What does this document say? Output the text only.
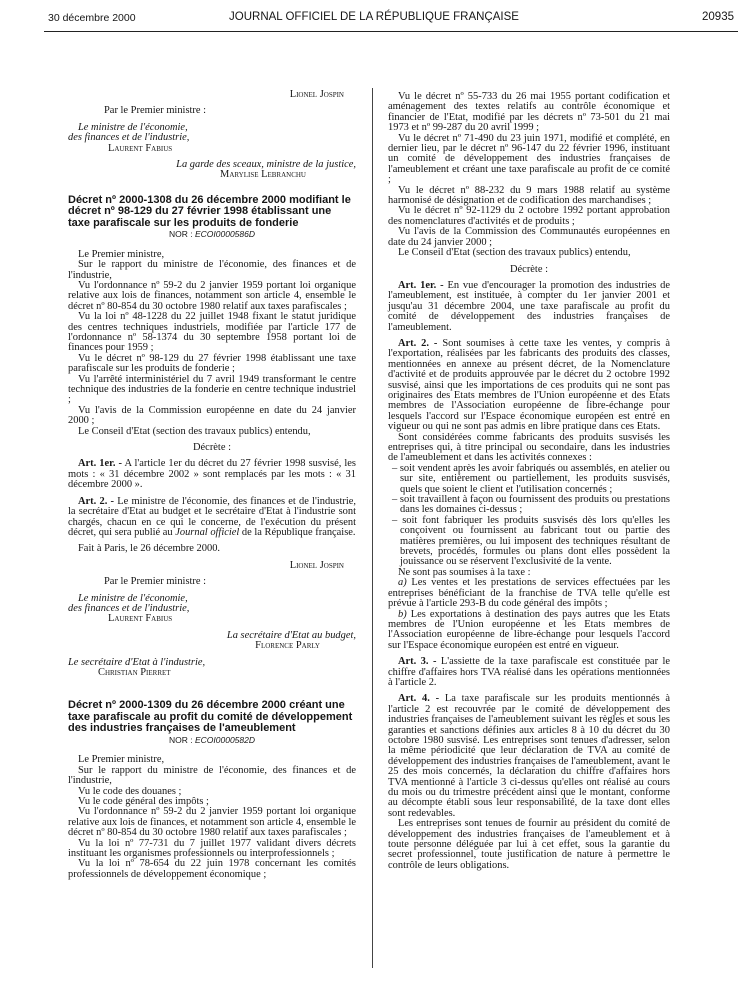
30 décembre 2000	JOURNAL OFFICIEL DE LA RÉPUBLIQUE FRANÇAISE	20935

Lionel Jospin

Par le Premier ministre :

Le ministre de l'économie,

des finances et de l'industrie,

Laurent Fabius

La garde des sceaux, ministre de la justice,

Marylise Lebranchu

Décret nº 2000-1308 du 26 décembre 2000 modifiant le décret nº 98-129 du 27 février 1998 établissant une taxe parafiscale sur les produits de fonderie

NOR : ECOI0000586D

Le Premier ministre,

Sur le rapport du ministre de l'économie, des finances et de l'industrie,

Vu l'ordonnance nº 59-2 du 2 janvier 1959 portant loi organique relative aux lois de finances, notamment son article 4, ensemble le décret nº 80-854 du 30 octobre 1980 relatif aux taxes parafiscales ;

Vu la loi nº 48-1228 du 22 juillet 1948 fixant le statut juridique des centres techniques industriels, modifiée par l'article 177 de l'ordonnance nº 58-1374 du 30 septembre 1958 portant loi de finances pour 1959 ;

Vu le décret nº 98-129 du 27 février 1998 établissant une taxe parafiscale sur les produits de fonderie ;

Vu l'arrêté interministériel du 7 avril 1949 transformant le centre technique des industries de la fonderie en centre technique industriel ;

Vu l'avis de la Commission européenne en date du 24 janvier 2000 ;

Le Conseil d'Etat (section des travaux publics) entendu,

Décrète :

Art. 1er. - A l'article 1er du décret du 27 février 1998 susvisé, les mots : « 31 décembre 2002 » sont remplacés par les mots : « 31 décembre 2000 ».

Art. 2. - Le ministre de l'économie, des finances et de l'industrie, la secrétaire d'Etat au budget et le secrétaire d'Etat à l'industrie sont chargés, chacun en ce qui le concerne, de l'exécution du présent décret, qui sera publié au Journal officiel de la République française.

Fait à Paris, le 26 décembre 2000.

Lionel Jospin

Par le Premier ministre :

Le ministre de l'économie,

des finances et de l'industrie,

Laurent Fabius

La secrétaire d'Etat au budget,

Florence Parly

Le secrétaire d'Etat à l'industrie,

Christian Pierret

Décret nº 2000-1309 du 26 décembre 2000 créant une taxe parafiscale au profit du comité de développement des industries françaises de l'ameublement

NOR : ECOI0000582D

Le Premier ministre,

Sur le rapport du ministre de l'économie, des finances et de l'industrie,

Vu le code des douanes ;

Vu le code général des impôts ;

Vu l'ordonnance nº 59-2 du 2 janvier 1959 portant loi organique relative aux lois de finances, et notamment son article 4, ensemble le décret nº 80-854 du 30 octobre 1980 relatif aux taxes parafiscales ;

Vu la loi nº 77-731 du 7 juillet 1977 validant divers décrets instituant les organismes professionnels ou interprofessionnels ;

Vu la loi nº 78-654 du 22 juin 1978 concernant les comités professionnels de développement économique ;

Vu le décret nº 55-733 du 26 mai 1955 portant codification et aménagement des textes relatifs au contrôle économique et financier de l'Etat, modifié par les décrets nº 73-501 du 21 mai 1973 et nº 99-287 du 20 avril 1999 ;

Vu le décret nº 71-490 du 23 juin 1971, modifié et complété, en dernier lieu, par le décret nº 96-147 du 22 février 1996, instituant un comité de développement des industries françaises de l'ameublement et créant une taxe parafiscale au profit de ce comité ;

Vu le décret nº 88-232 du 9 mars 1988 relatif au système harmonisé de désignation et de codification des marchandises ;

Vu le décret nº 92-1129 du 2 octobre 1992 portant approbation des nomenclatures d'activités et de produits ;

Vu l'avis de la Commission des Communautés européennes en date du 24 janvier 2000 ;

Le Conseil d'Etat (section des travaux publics) entendu,

Décrète :

Art. 1er. - En vue d'encourager la promotion des industries de l'ameublement, est instituée, à compter du 1er janvier 2001 et jusqu'au 31 décembre 2004, une taxe parafiscale au profit du comité de développement des industries françaises de l'ameublement.

Art. 2. - Sont soumises à cette taxe les ventes, y compris à l'exportation, réalisées par les fabricants des produits des classes, mentionnées en annexe au présent décret, de la Nomenclature d'activité et de produits approuvée par le décret du 2 octobre 1992 susvisé, ainsi que les importations de ces produits qui ne sont pas originaires des Etats membres de l'Union européenne et des Etats membres de l'Association européenne de libre-échange pour lesquels l'accord sur l'Espace économique européen est entré en vigueur ou qui ne sont pas admis en libre pratique dans ces Etats.

Sont considérées comme fabricants des produits susvisés les entreprises qui, à titre principal ou secondaire, dans les industries de l'ameublement et dans les activités connexes :

– soit vendent après les avoir fabriqués ou assemblés, en atelier ou sur site, entièrement ou partiellement, les produits susvisés, quels que soient le client et l'utilisation concernés ;
– soit travaillent à façon ou fournissent des produits ou prestations dans les domaines ci-dessus ;
– soit font fabriquer les produits susvisés dès lors qu'elles les conçoivent ou fournissent au fabricant tout ou partie des matières premières, ou lui imposent des techniques résultant de brevets, procédés, formules ou plans dont elles possèdent la jouissance ou se réservent l'exclusivité de la vente.

Ne sont pas soumises à la taxe :

a) Les ventes et les prestations de services effectuées par les entreprises bénéficiant de la franchise de TVA telle qu'elle est prévue à l'article 293-B du code général des impôts ;

b) Les exportations à destination des pays autres que les Etats membres de l'Union européenne et les Etats membres de l'Association européenne de libre-échange pour lesquels l'accord sur l'Espace économique européen est entré en vigueur.

Art. 3. - L'assiette de la taxe parafiscale est constituée par le chiffre d'affaires hors TVA réalisé dans les opérations mentionnées à l'article 2.

Art. 4. - La taxe parafiscale sur les produits mentionnés à l'article 2 est recouvrée par le comité de développement des industries françaises de l'ameublement suivant les règles et sous les garanties et sanctions définies aux articles 8 à 10 du décret du 30 octobre 1980 susvisé. Les entreprises sont tenues d'adresser, selon la même périodicité que leur déclaration de TVA au comité de développement des industries françaises de l'ameublement, avant le 25 des mois concernés, la déclaration du chiffre d'affaires hors TVA mentionné à l'article 3 ci-dessus qu'elles ont réalisé au cours du mois ou du trimestre précédent ainsi que le montant, conforme au décompte établi sous leur responsabilité, de la taxe dont elles sont redevables.

Les entreprises sont tenues de fournir au président du comité de développement des industries françaises de l'ameublement et à toute personne déléguée par lui à cet effet, sous la garantie du secret professionnel, toute justification de nature à permettre le contrôle de leurs obligations.
